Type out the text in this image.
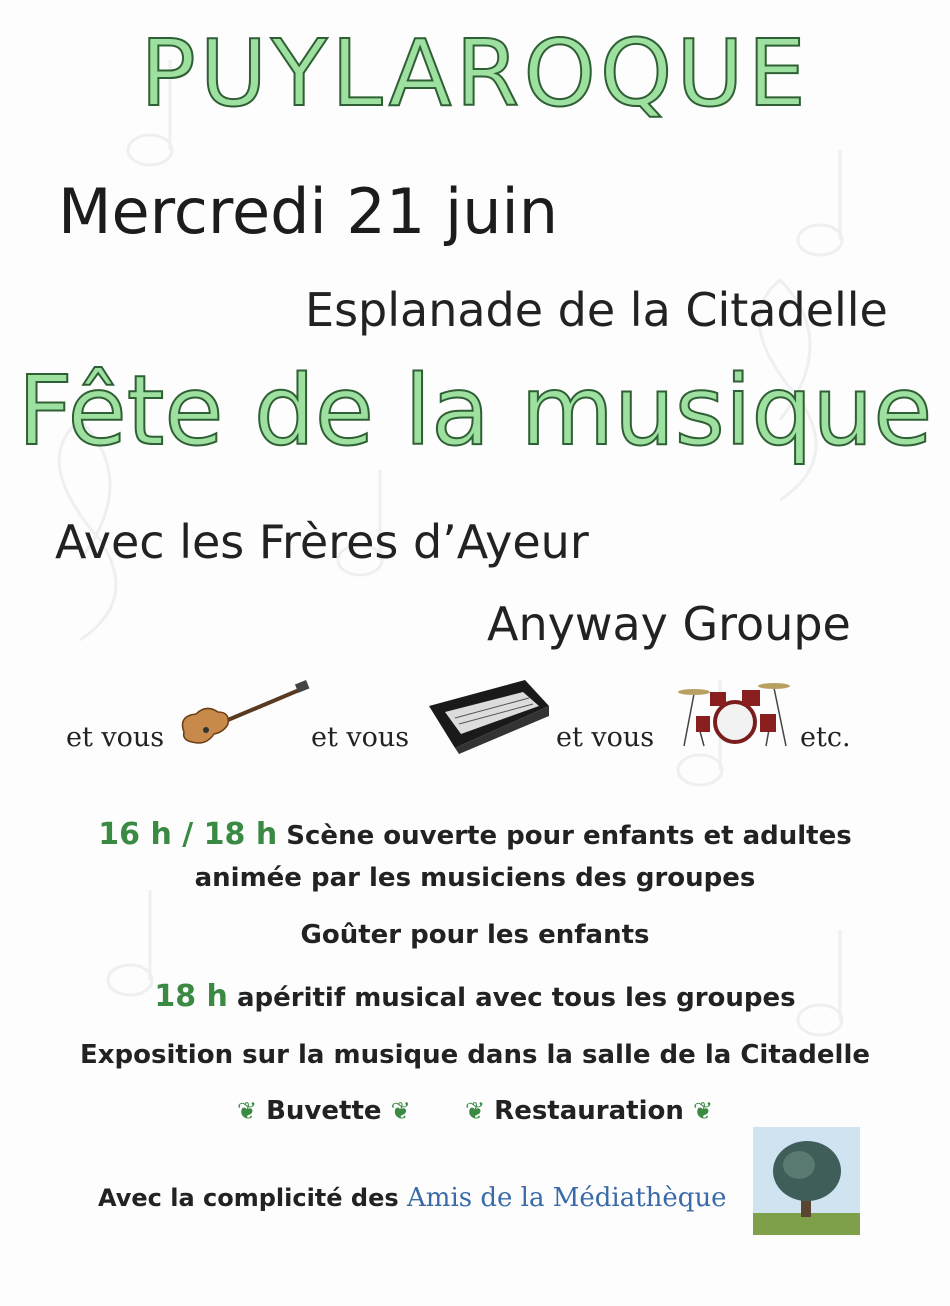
PUYLAROQUE
Mercredi 21 juin
Esplanade de la Citadelle
Fête de la musique
Avec les Frères d’Ayeur
Anyway Groupe
et vous	et vous	et vous	etc.
16 h / 18 h Scène ouverte pour enfants et adultes
animée par les musiciens des groupes
Goûter pour les enfants
18 h apéritif musical avec tous les groupes
Exposition sur la musique dans la salle de la Citadelle
❦ Buvette ❦ ❦ Restauration ❦
Avec la complicité des Amis de la Médiathèque
